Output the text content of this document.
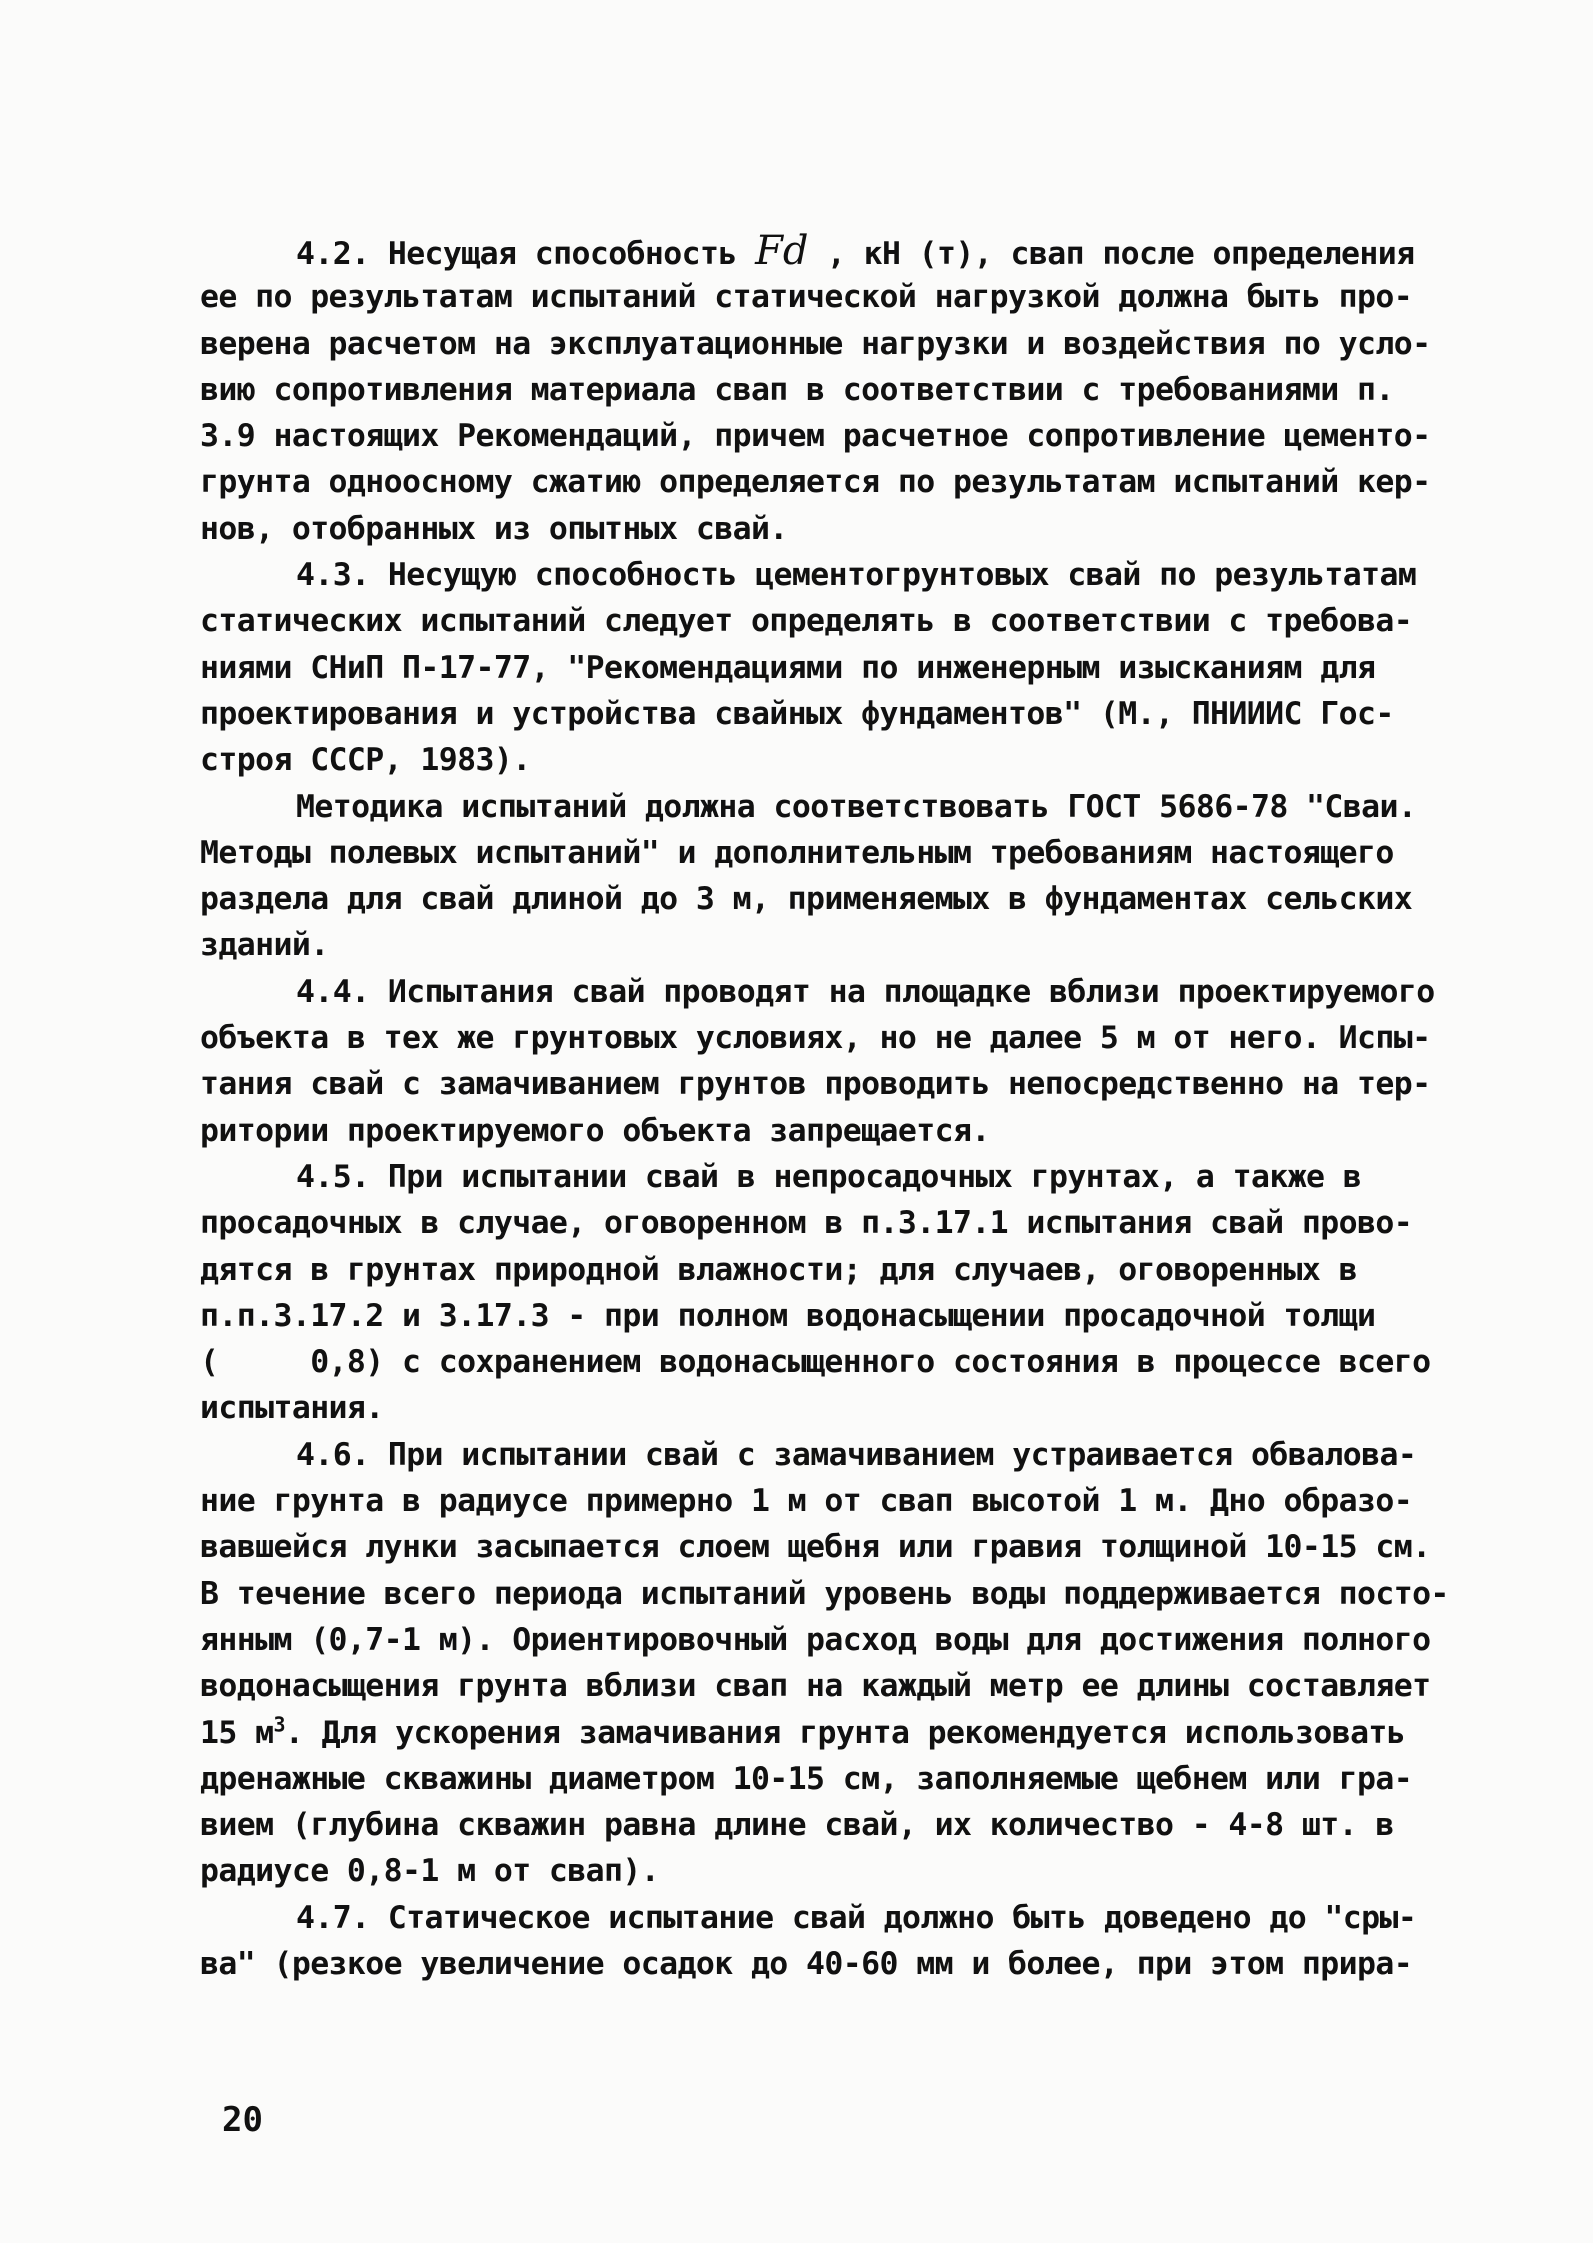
4.2. Несущая способность Fd , кН (т), свап после определения
ее по результатам испытаний статической нагрузкой должна быть про-
верена расчетом на эксплуатационные нагрузки и воздействия по усло-
вию сопротивления материала свап в соответствии с требованиями п.
3.9 настоящих Рекомендаций, причем расчетное сопротивление цементо-
грунта одноосному сжатию определяется по результатам испытаний кер-
нов, отобранных из опытных свай.
4.3. Несущую способность цементогрунтовых свай по результатам
статических испытаний следует определять в соответствии с требова-
ниями СНиП П-17-77, "Рекомендациями по инженерным изысканиям для
проектирования и устройства свайных фундаментов" (М., ПНИИИС Гос-
строя СССР, 1983).
Методика испытаний должна соответствовать ГОСТ 5686-78 "Сваи.
Методы полевых испытаний" и дополнительным требованиям настоящего
раздела для свай длиной до 3 м, применяемых в фундаментах сельских
зданий.
4.4. Испытания свай проводят на площадке вблизи проектируемого
объекта в тех же грунтовых условиях, но не далее 5 м от него. Испы-
тания свай с замачиванием грунтов проводить непосредственно на тер-
ритории проектируемого объекта запрещается.
4.5. При испытании свай в непросадочных грунтах, а также в
просадочных в случае, оговоренном в п.3.17.1 испытания свай прово-
дятся в грунтах природной влажности; для случаев, оговоренных в
п.п.3.17.2 и 3.17.3 - при полном водонасыщении просадочной толщи
(     0,8) с сохранением водонасыщенного состояния в процессе всего
испытания.
4.6. При испытании свай с замачиванием устраивается обвалова-
ние грунта в радиусе примерно 1 м от свап высотой 1 м. Дно образо-
вавшейся лунки засыпается слоем щебня или гравия толщиной 10-15 см.
В течение всего периода испытаний уровень воды поддерживается посто-
янным (0,7-1 м). Ориентировочный расход воды для достижения полного
водонасыщения грунта вблизи свап на каждый метр ее длины составляет
15 $м^3$. Для ускорения замачивания грунта рекомендуется использовать
дренажные скважины диаметром 10-15 см, заполняемые щебнем или гра-
вием (глубина скважин равна длине свай, их количество - 4-8 шт. в
радиусе 0,8-1 м от свап).
4.7. Статическое испытание свай должно быть доведено до "сры-
ва" (резкое увеличение осадок до 40-60 мм и более, при этом прира-
20
